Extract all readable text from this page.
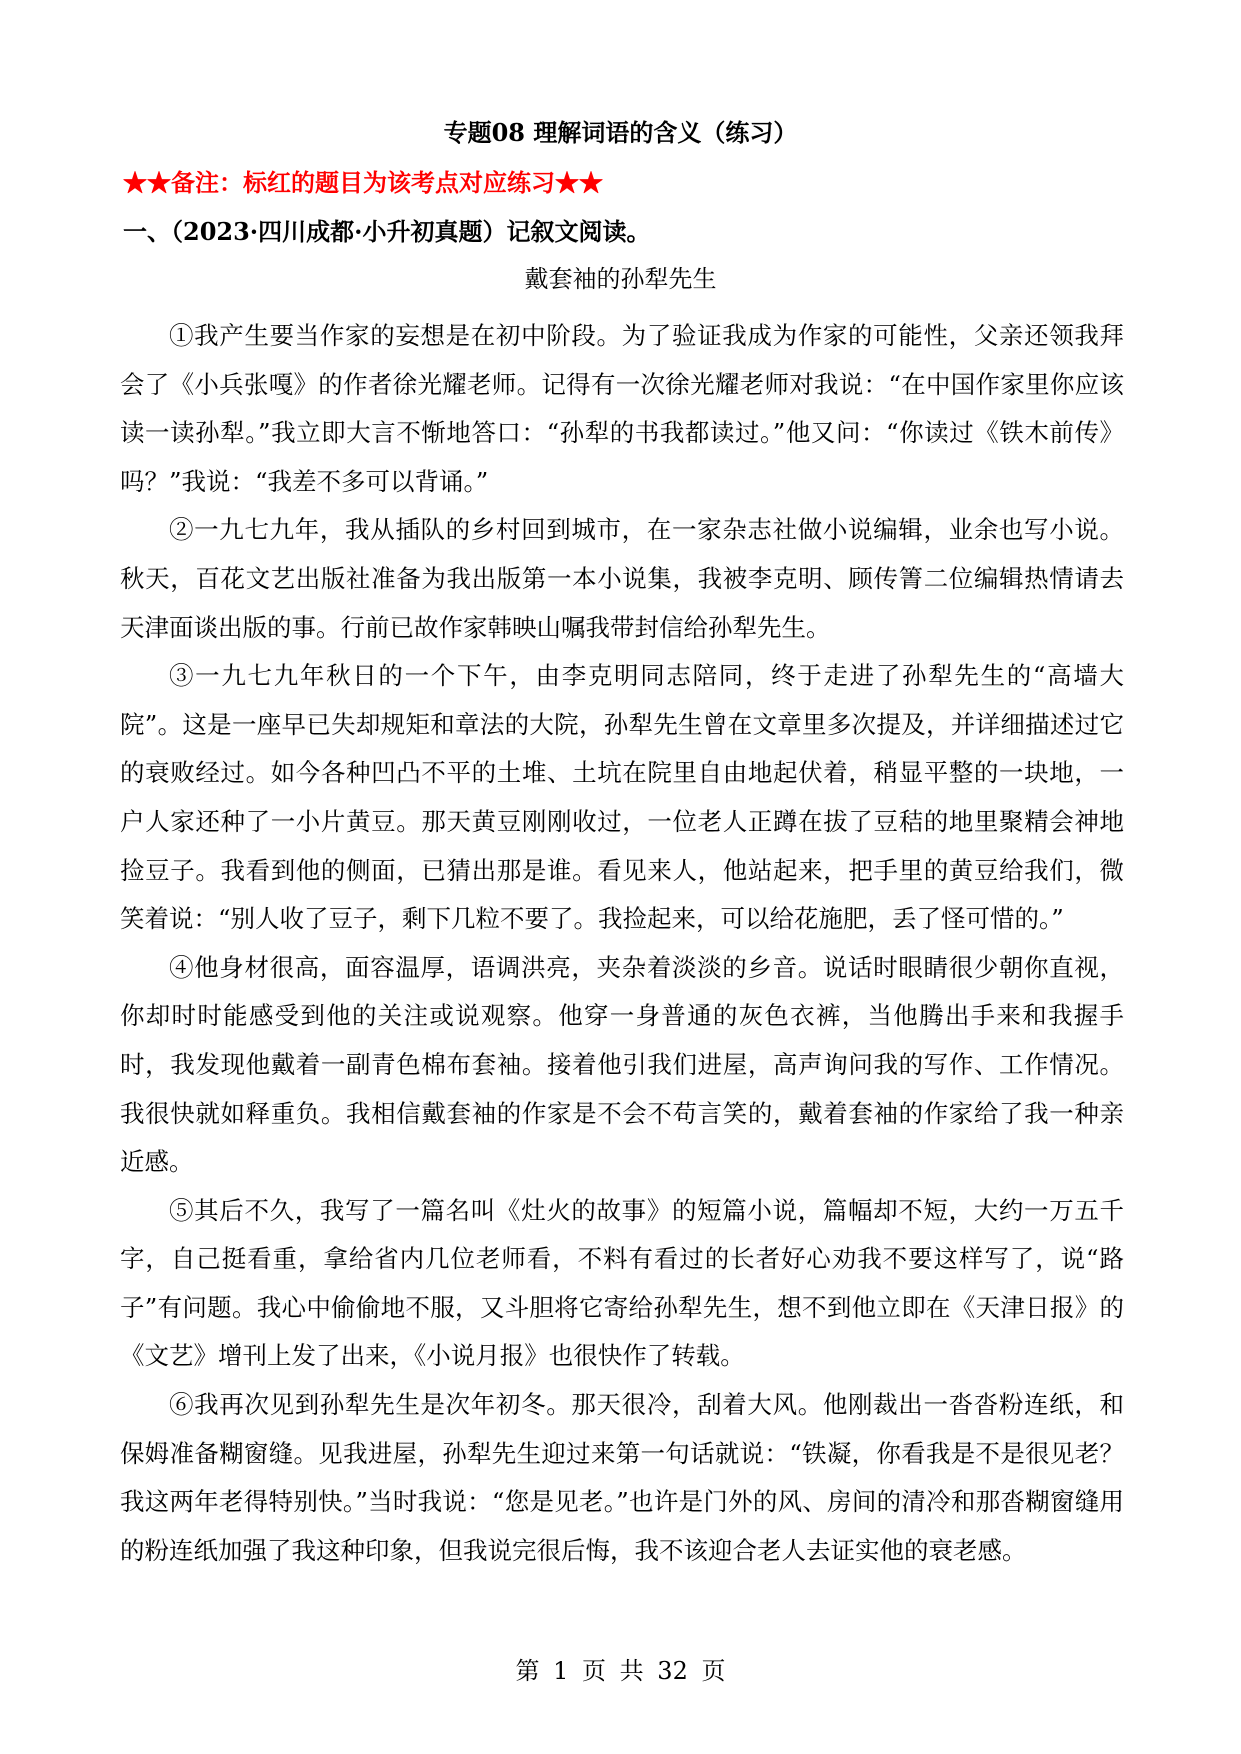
专题08 理解词语的含义（练习）
★★备注：标红的题目为该考点对应练习★★
一、（2023·四川成都·小升初真题）记叙文阅读。
戴套袖的孙犁先生

①我产生要当作家的妄想是在初中阶段。为了验证我成为作家的可能性，父亲还领我拜会了《小兵张嘎》的作者徐光耀老师。记得有一次徐光耀老师对我说：“在中国作家里你应该读一读孙犁。”我立即大言不惭地答口：“孙犁的书我都读过。”他又问：“你读过《铁木前传》吗？”我说：“我差不多可以背诵。”

②一九七九年，我从插队的乡村回到城市，在一家杂志社做小说编辑，业余也写小说。秋天，百花文艺出版社准备为我出版第一本小说集，我被李克明、顾传箐二位编辑热情请去天津面谈出版的事。行前已故作家韩映山嘱我带封信给孙犁先生。

③一九七九年秋日的一个下午，由李克明同志陪同，终于走进了孙犁先生的“高墙大院”。这是一座早已失却规矩和章法的大院，孙犁先生曾在文章里多次提及，并详细描述过它的衰败经过。如今各种凹凸不平的土堆、土坑在院里自由地起伏着，稍显平整的一块地，一户人家还种了一小片黄豆。那天黄豆刚刚收过，一位老人正蹲在拔了豆秸的地里聚精会神地捡豆子。我看到他的侧面，已猜出那是谁。看见来人，他站起来，把手里的黄豆给我们，微笑着说：“别人收了豆子，剩下几粒不要了。我捡起来，可以给花施肥，丢了怪可惜的。”

④他身材很高，面容温厚，语调洪亮，夹杂着淡淡的乡音。说话时眼睛很少朝你直视，你却时时能感受到他的关注或说观察。他穿一身普通的灰色衣裤，当他腾出手来和我握手时，我发现他戴着一副青色棉布套袖。接着他引我们进屋，高声询问我的写作、工作情况。我很快就如释重负。我相信戴套袖的作家是不会不苟言笑的，戴着套袖的作家给了我一种亲近感。

⑤其后不久，我写了一篇名叫《灶火的故事》的短篇小说，篇幅却不短，大约一万五千字，自己挺看重，拿给省内几位老师看，不料有看过的长者好心劝我不要这样写了，说“路子”有问题。我心中偷偷地不服，又斗胆将它寄给孙犁先生，想不到他立即在《天津日报》的《文艺》增刊上发了出来，《小说月报》也很快作了转载。

⑥我再次见到孙犁先生是次年初冬。那天很冷，刮着大风。他刚裁出一沓沓粉连纸，和保姆准备糊窗缝。见我进屋，孙犁先生迎过来第一句话就说：“铁凝，你看我是不是很见老？我这两年老得特别快。”当时我说：“您是见老。”也许是门外的风、房间的清冷和那沓糊窗缝用的粉连纸加强了我这种印象，但我说完很后悔，我不该迎合老人去证实他的衰老感。

第 1 页 共 32 页
